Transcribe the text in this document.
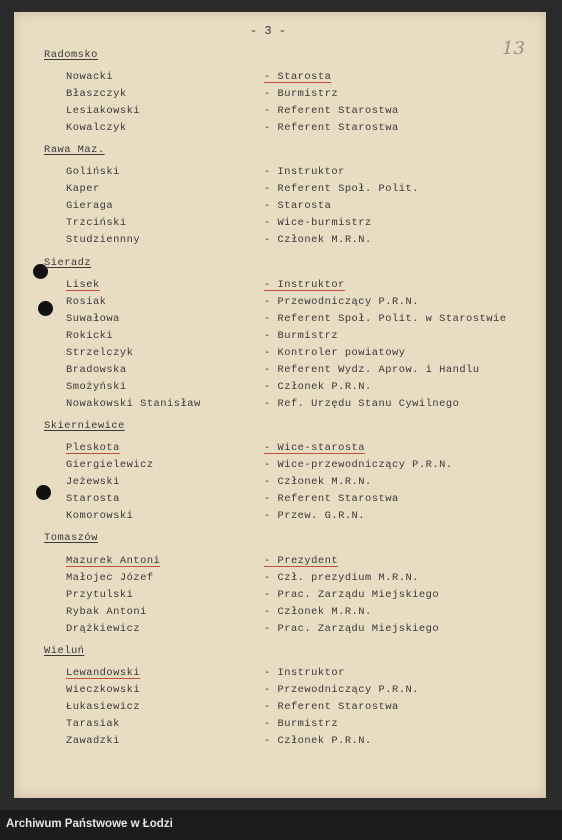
- 3 -
13
Radomsko
Nowacki	- Starosta
Błaszczyk	- Burmistrz
Lesiakowski	- Referent Starostwa
Kowalczyk	- Referent Starostwa
Rawa Maz.
Goliński	- Instruktor
Kaper	- Referent Społ. Polit.
Gieraga	- Starosta
Trzciński	- Wice-burmistrz
Studziennny	- Członek M.R.N.
Sieradz
Lisek	- Instruktor
Rosiak	- Przewodniczący P.R.N.
Suwałowa	- Referent Społ. Polit. w Starostwie
Rokicki	- Burmistrz
Strzelczyk	- Kontroler powiatowy
Bradowska	- Referent Wydz. Aprow. i Handlu
Smożyński	- Członek P.R.N.
Nowakowski Stanisław	- Ref. Urzędu Stanu Cywilnego
Skierniewice
Pleskota	- Wice-starosta
Giergielewicz	- Wice-przewodniczący P.R.N.
Jeżewski	- Członek M.R.N.
Starosta	- Referent Starostwa
Komorowski	- Przew. G.R.N.
Tomaszów
Mazurek Antoni	- Prezydent
Małojec Józef	- Czł. prezydium M.R.N.
Przytulski	- Prac. Zarządu Miejskiego
Rybak Antoni	- Członek M.R.N.
Drążkiewicz	- Prac. Zarządu Miejskiego
Wieluń
Lewandowski	- Instruktor
Wieczkowski	- Przewodniczący P.R.N.
Łukasiewicz	- Referent Starostwa
Tarasiak	- Burmistrz
Zawadzki	- Członek P.R.N.
Archiwum Państwowe w Łodzi
